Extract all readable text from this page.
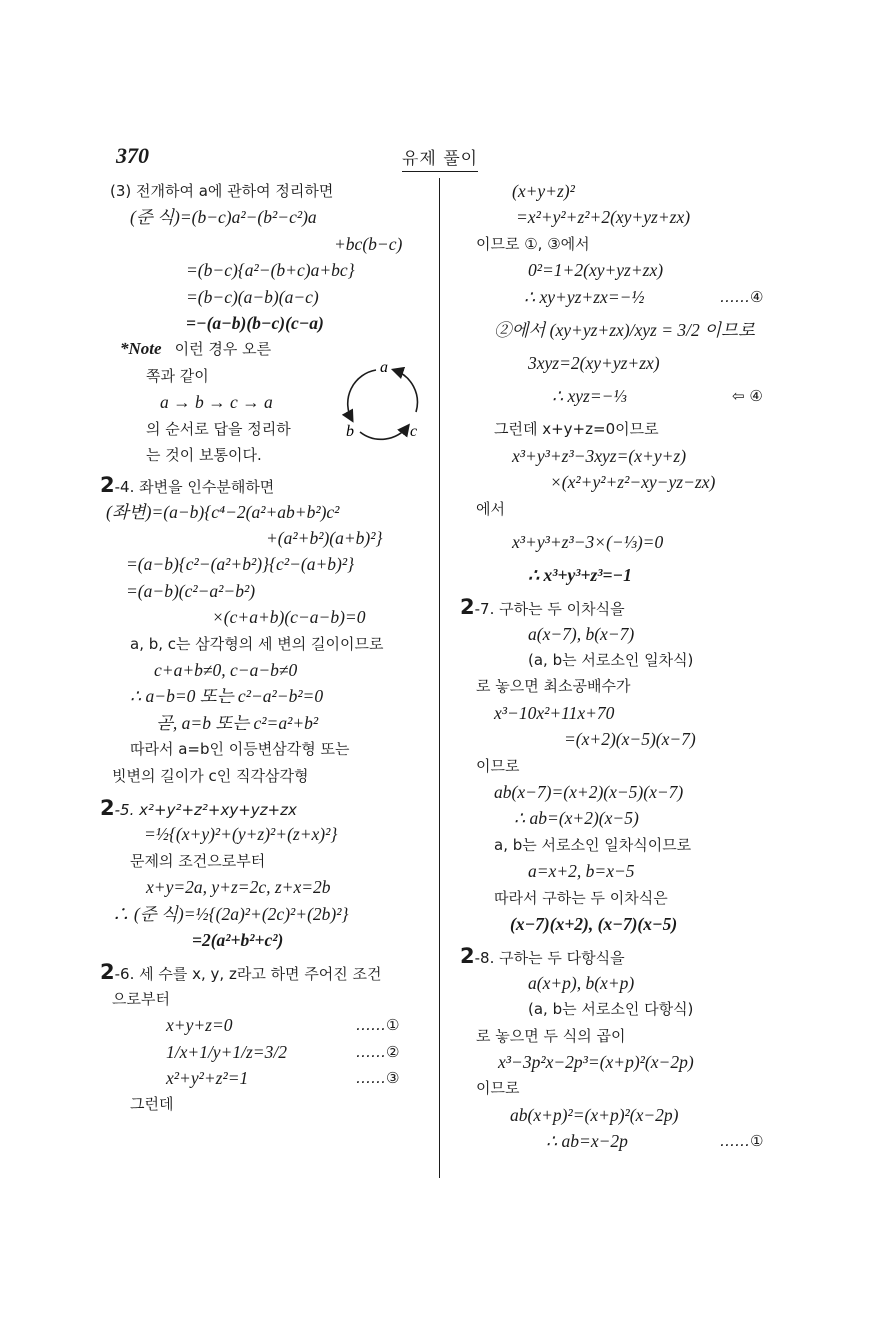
370	유제 풀이
(3) 전개하여 a에 관하여 정리하면
(준 식)=(b−c)a²−(b²−c²)a
+bc(b−c)
=(b−c){a²−(b+c)a+bc}
=(b−c)(a−b)(a−c)
=−(a−b)(b−c)(c−a)
*Note 이런 경우 오른
쪽과 같이
a → b → c → a
의 순서로 답을 정리하
는 것이 보통이다.
2-4. 좌변을 인수분해하면
(좌변)=(a−b){c⁴−2(a²+ab+b²)c²
+(a²+b²)(a+b)²}
=(a−b){c²−(a²+b²)}{c²−(a+b)²}
=(a−b)(c²−a²−b²)
×(c+a+b)(c−a−b)=0
a, b, c는 삼각형의 세 변의 길이이므로
c+a+b≠0, c−a−b≠0
∴ a−b=0 또는 c²−a²−b²=0
곧, a=b 또는 c²=a²+b²
따라서 a=b인 이등변삼각형 또는
빗변의 길이가 c인 직각삼각형
2-5. x²+y²+z²+xy+yz+zx
=½{(x+y)²+(y+z)²+(z+x)²}
문제의 조건으로부터
x+y=2a, y+z=2c, z+x=2b
∴ (준 식)=½{(2a)²+(2c)²+(2b)²}
=2(a²+b²+c²)
2-6. 세 수를 x, y, z라고 하면 주어진 조건
으로부터
x+y+z=0	……①
1/x+1/y+1/z=3/2	……②
x²+y²+z²=1	……③
그런데
a
b	c
(x+y+z)²
=x²+y²+z²+2(xy+yz+zx)
이므로 ①, ③에서
0²=1+2(xy+yz+zx)
∴ xy+yz+zx=−½	……④
②에서 (xy+yz+zx)/xyz = 3/2 이므로
3xyz=2(xy+yz+zx)
∴ xyz=−⅓	⇦ ④
그런데 x+y+z=0이므로
x³+y³+z³−3xyz=(x+y+z)
×(x²+y²+z²−xy−yz−zx)
에서
x³+y³+z³−3×(−⅓)=0
∴ x³+y³+z³=−1
2-7. 구하는 두 이차식을
a(x−7), b(x−7)
(a, b는 서로소인 일차식)
로 놓으면 최소공배수가
x³−10x²+11x+70
=(x+2)(x−5)(x−7)
이므로
ab(x−7)=(x+2)(x−5)(x−7)
∴ ab=(x+2)(x−5)
a, b는 서로소인 일차식이므로
a=x+2, b=x−5
따라서 구하는 두 이차식은
(x−7)(x+2), (x−7)(x−5)
2-8. 구하는 두 다항식을
a(x+p), b(x+p)
(a, b는 서로소인 다항식)
로 놓으면 두 식의 곱이
x³−3p²x−2p³=(x+p)²(x−2p)
이므로
ab(x+p)²=(x+p)²(x−2p)
∴ ab=x−2p	……①
